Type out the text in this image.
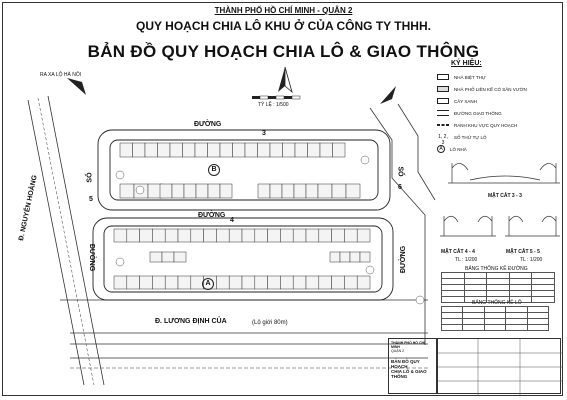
THÀNH PHỐ HỒ CHÍ MINH - QUẬN 2
QUY HOẠCH CHIA LÔ KHU Ở CỦA CÔNG TY THHH.
BẢN ĐỒ QUY HOẠCH CHIA LÔ & GIAO THÔNG
RA XA LỘ HÀ NỘI
TỶ LỆ : 1/500
ĐƯỜNG
3
ĐƯỜNG
4
SỐ
5
ĐƯỜNG
SỐ
6
ĐƯỜNG
Đ. NGUYỄN HOÀNG
Đ. LƯƠNG ĐỊNH CỦA	(Lộ giới 80m)
B
A
KÝ HIỆU:
NHÀ BIỆT THỰ
NHÀ PHỐ LIÊN KẾ CÓ SÂN VƯỜN
CÂY XANH
ĐƯỜNG GIAO THÔNG
RANH KHU VỰC QUY HOẠCH
1, 2, 3
SỐ THỨ TỰ LÔ
A	LÔ NHÀ
MẶT CẮT 3 - 3
MẶT CẮT 4 - 4
TL : 1/200
MẶT CẮT 5 - 5
TL : 1/200
BẢNG THỐNG KÊ ĐƯỜNG

BẢNG THỐNG KÊ LÔ

THÀNH PHỐ HỒ CHÍ MINH
QUẬN 2
BẢN ĐỒ QUY HOẠCH
CHIA LÔ & GIAO THÔNG
